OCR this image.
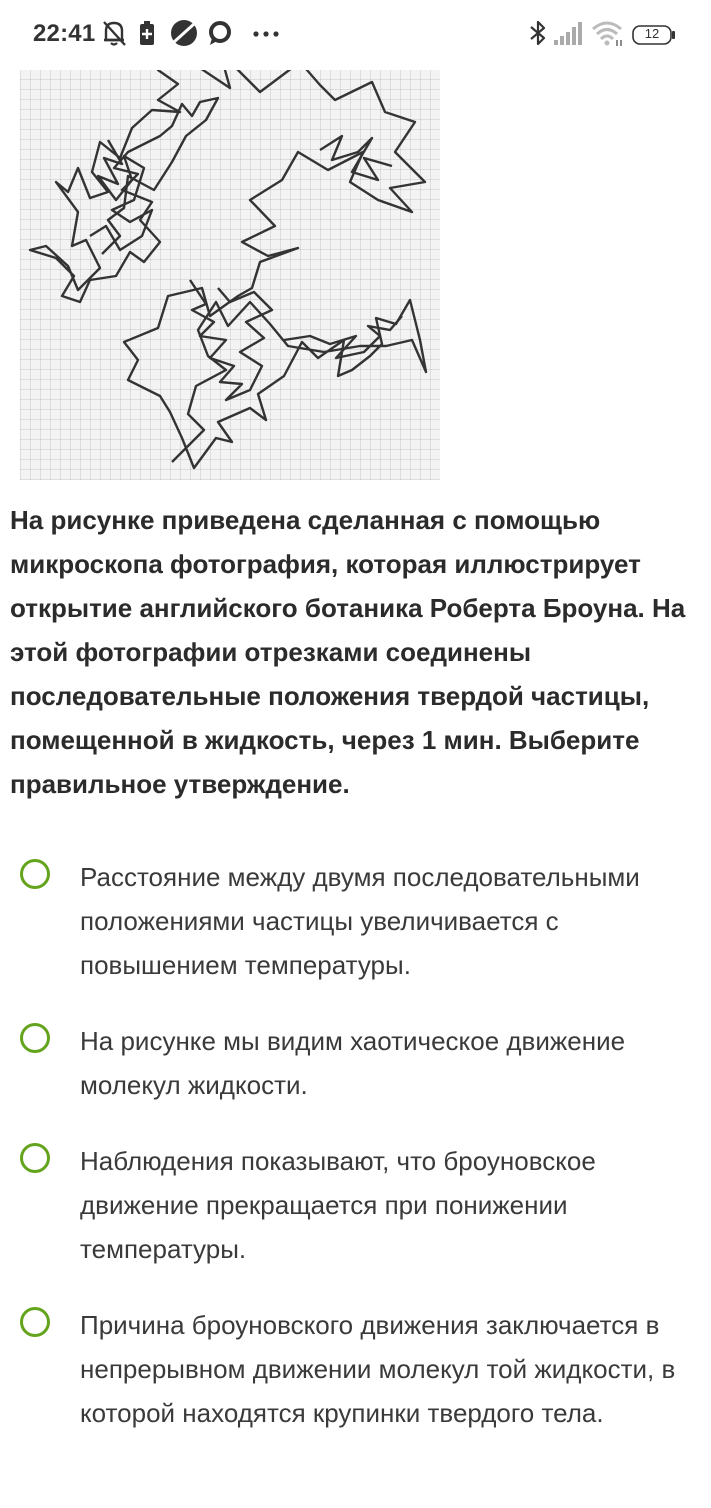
22:41	12

На рисунке приведена сделанная с помощью микроскопа фотография, которая иллюстрирует открытие английского ботаника Роберта Броуна. На этой фотографии отрезками соединены последовательные положения твердой частицы, помещенной в жидкость, через 1 мин. Выберите правильное утверждение.

Расстояние между двумя последовательными положениями частицы увеличивается с повышением температуры.
На рисунке мы видим хаотическое движение молекул жидкости.
Наблюдения показывают, что броуновское движение прекращается при понижении температуры.
Причина броуновского движения заключается в непрерывном движении молекул той жидкости, в которой находятся крупинки твердого тела.
